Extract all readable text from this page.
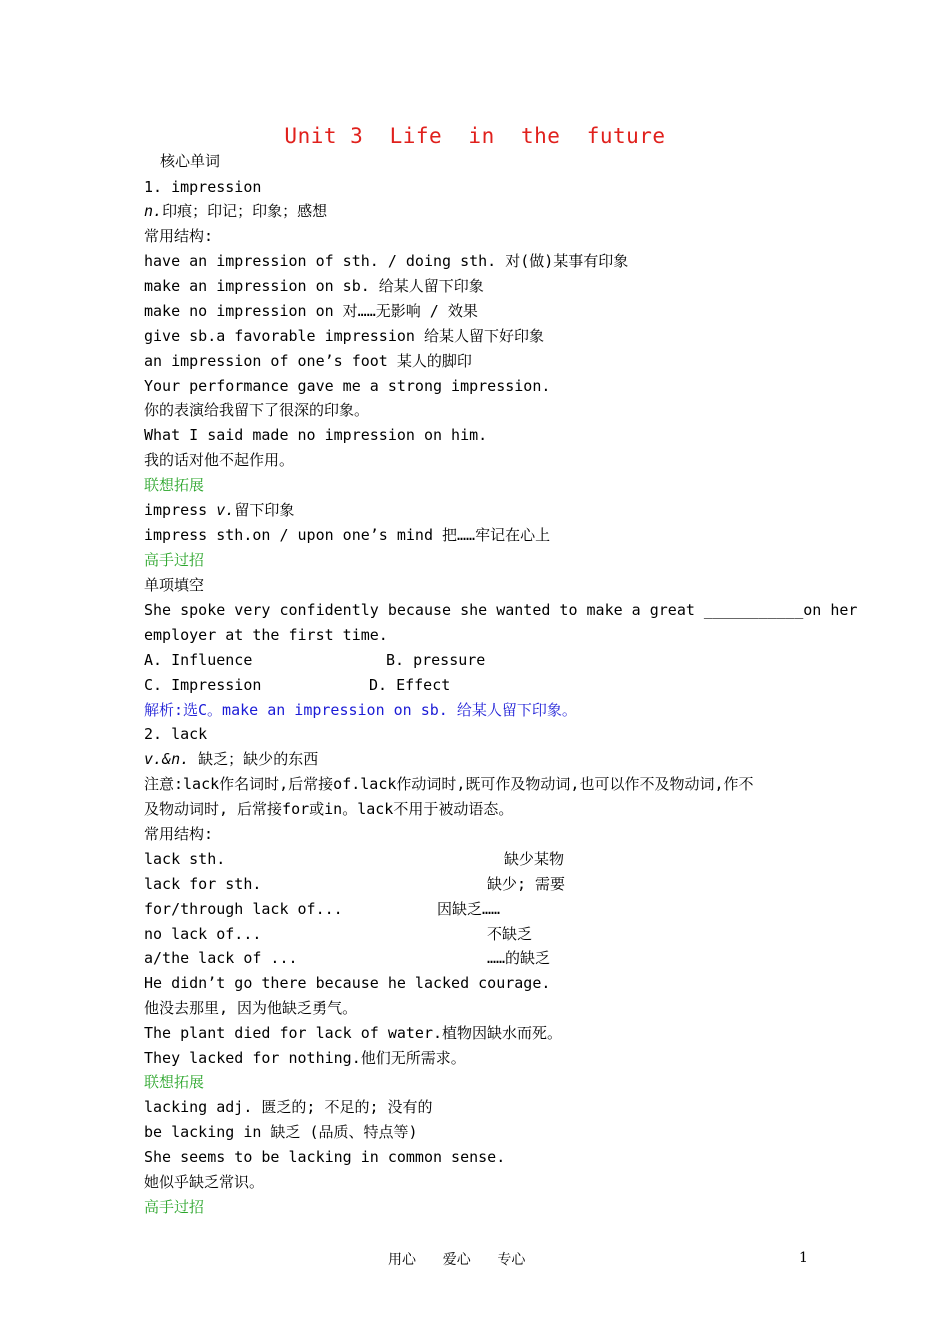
Unit 3  Life  in  the  future
核心单词
1. impression
n.印痕；印记；印象；感想
常用结构:
have an impression of sth. / doing sth. 对(做)某事有印象
make an impression on sb. 给某人留下印象
make no impression on 对……无影响 / 效果
give sb.a favorable impression 给某人留下好印象
an impression of one’s foot 某人的脚印
Your performance gave me a strong impression.
你的表演给我留下了很深的印象。
What I said made no impression on him.
我的话对他不起作用。
联想拓展
impress v.留下印象
impress sth.on / upon one’s mind 把……牢记在心上
高手过招
单项填空
She spoke very confidently because she wanted to make a great ___________on her
employer at the first time.
A. Influence	B. pressure
C. Impression	D. Effect
解析:选C。make an impression on sb. 给某人留下印象。
2. lack
v.&n. 缺乏；缺少的东西
注意:lack作名词时,后常接of.lack作动词时,既可作及物动词,也可以作不及物动词,作不
及物动词时, 后常接for或in。lack不用于被动语态。
常用结构:
lack sth.	缺少某物
lack for sth.	缺少; 需要
for/through lack of...	因缺乏……
no lack of...	不缺乏
a/the lack of ...	……的缺乏
He didn’t go there because he lacked courage.
他没去那里, 因为他缺乏勇气。
The plant died for lack of water.植物因缺水而死。
They lacked for nothing.他们无所需求。
联想拓展
lacking adj. 匮乏的; 不足的; 没有的
be lacking in 缺乏 (品质、特点等)
She seems to be lacking in common sense.
她似乎缺乏常识。
高手过招
用心      爱心      专心	1
